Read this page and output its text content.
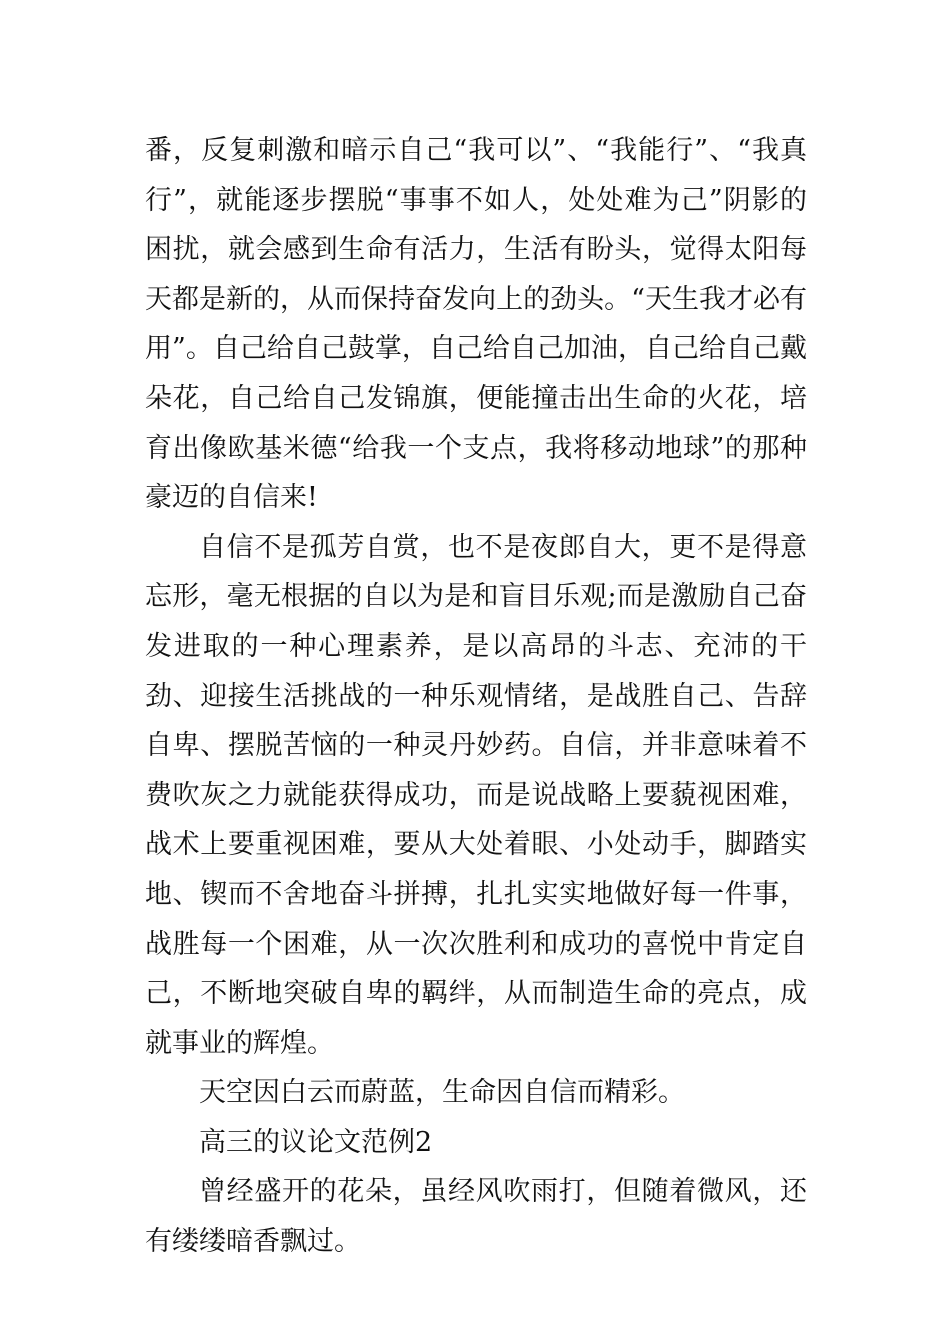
番，反复刺激和暗示自己“我可以”、“我能行”、“我真行”，就能逐步摆脱“事事不如人，处处难为己”阴影的困扰，就会感到生命有活力，生活有盼头，觉得太阳每天都是新的，从而保持奋发向上的劲头。“天生我才必有用”。自己给自己鼓掌，自己给自己加油，自己给自己戴朵花，自己给自己发锦旗，便能撞击出生命的火花，培育出像欧基米德“给我一个支点，我将移动地球”的那种豪迈的自信来!

自信不是孤芳自赏，也不是夜郎自大，更不是得意忘形，毫无根据的自以为是和盲目乐观;而是激励自己奋发进取的一种心理素养，是以高昂的斗志、充沛的干劲、迎接生活挑战的一种乐观情绪，是战胜自己、告辞自卑、摆脱苦恼的一种灵丹妙药。自信，并非意味着不费吹灰之力就能获得成功，而是说战略上要藐视困难，战术上要重视困难，要从大处着眼、小处动手，脚踏实地、锲而不舍地奋斗拼搏，扎扎实实地做好每一件事，战胜每一个困难，从一次次胜利和成功的喜悦中肯定自己，不断地突破自卑的羁绊，从而制造生命的亮点，成就事业的辉煌。

天空因白云而蔚蓝，生命因自信而精彩。

高三的议论文范例2

曾经盛开的花朵，虽经风吹雨打，但随着微风，还有缕缕暗香飘过。
